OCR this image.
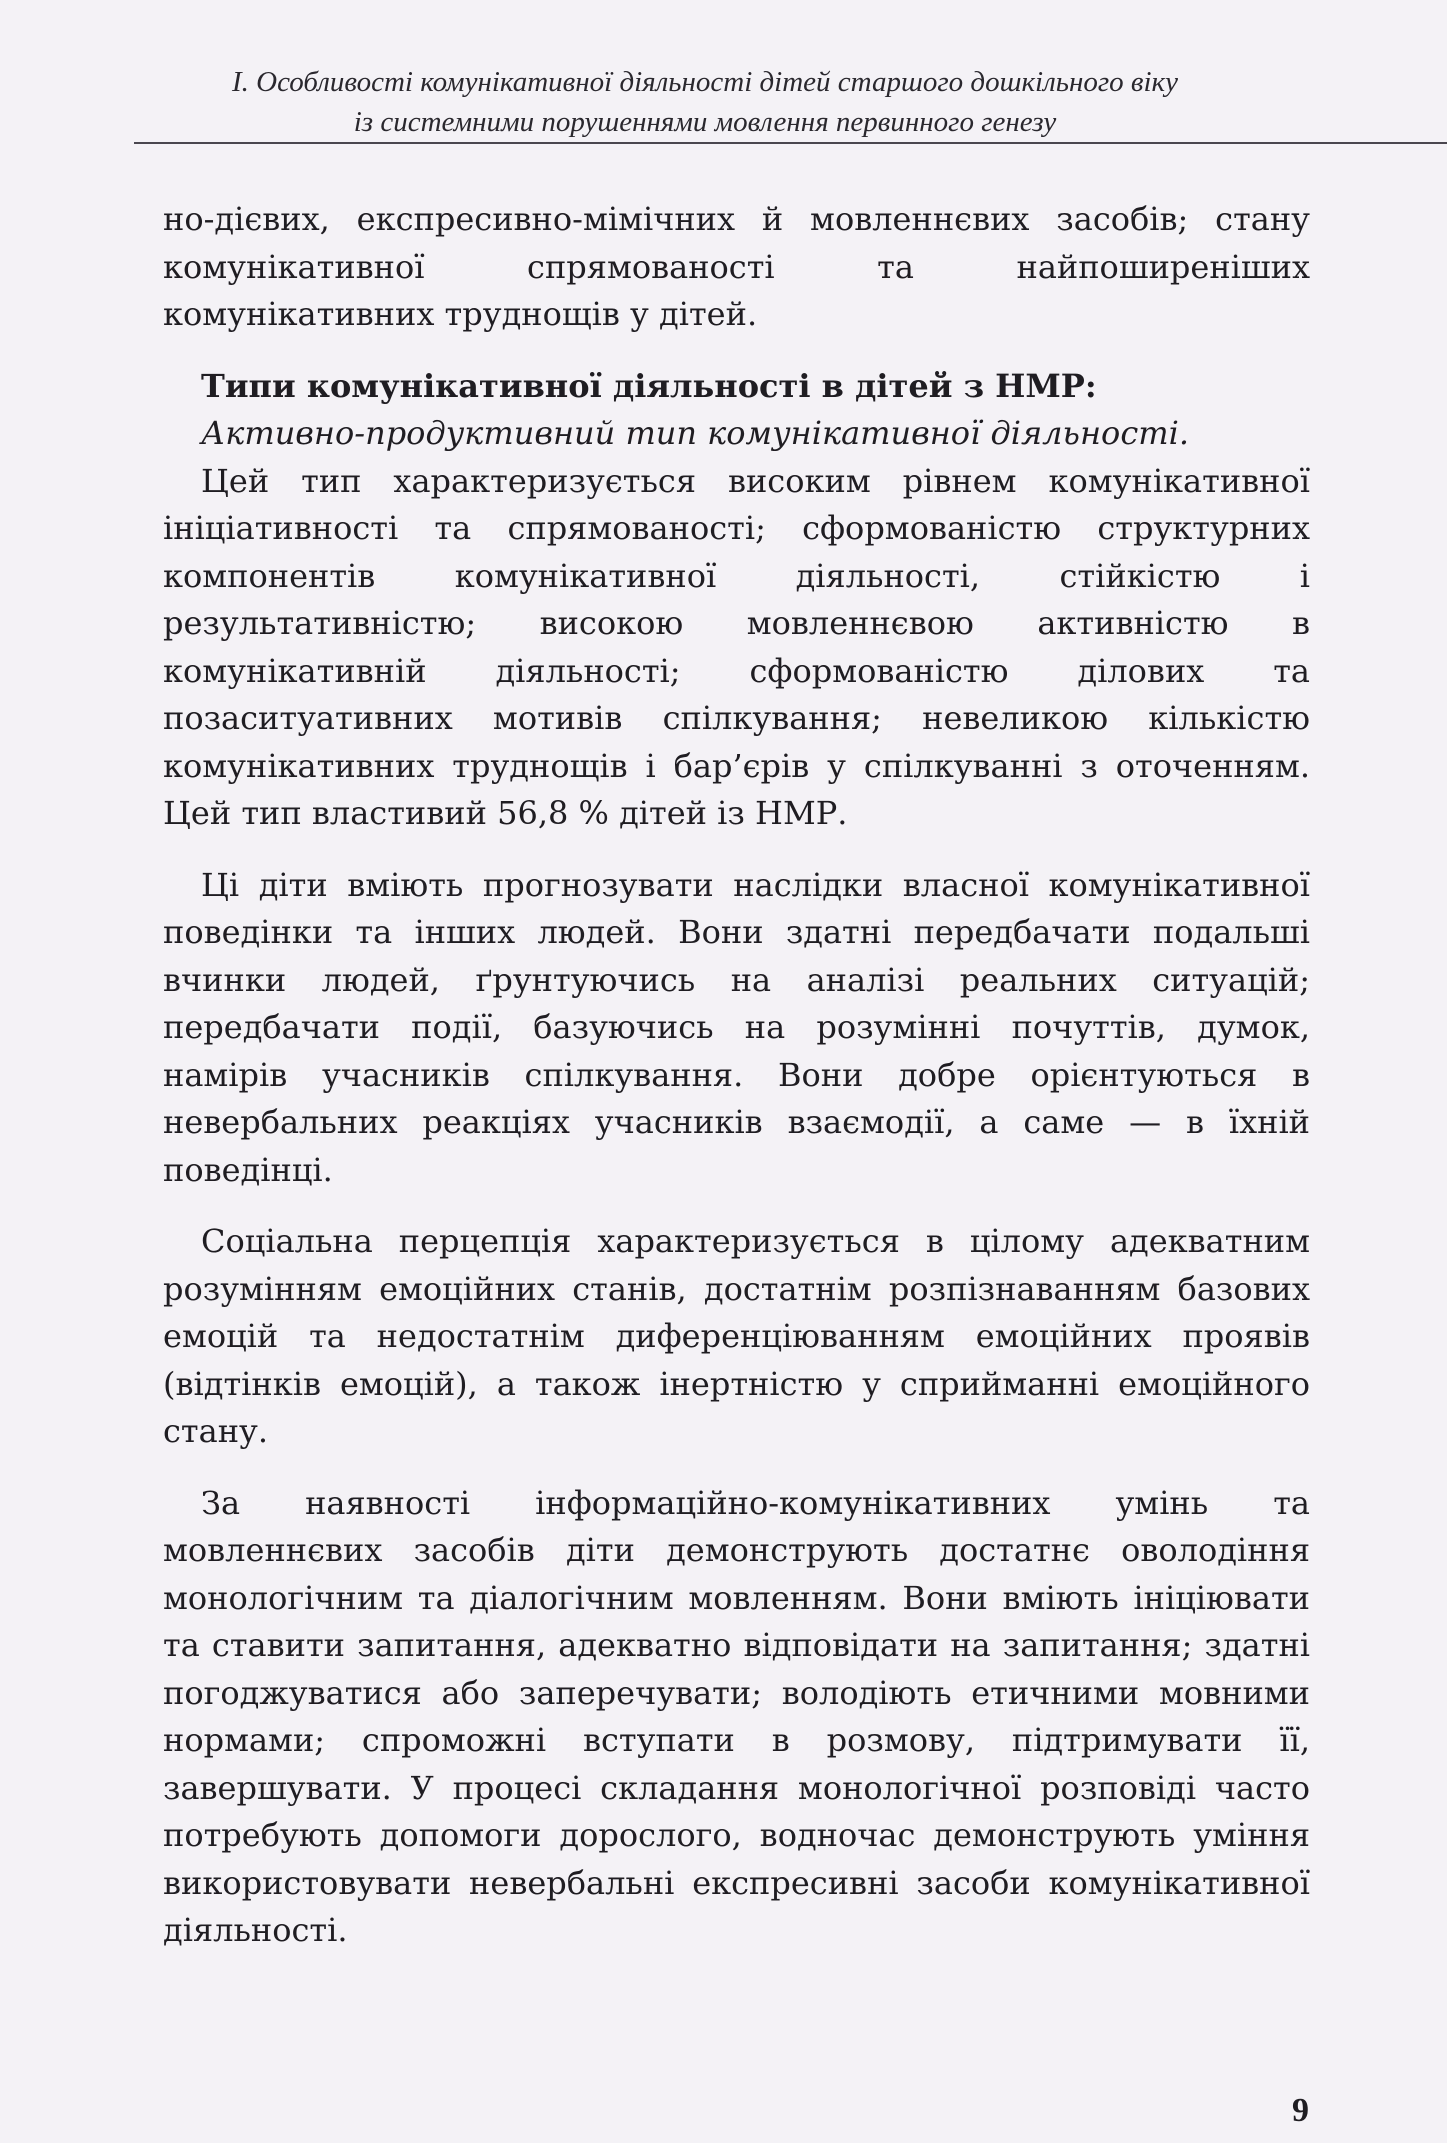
І. Особливості комунікативної діяльності дітей старшого дошкільного віку
із системними порушеннями мовлення первинного генезу

но-дієвих, експресивно-мімічних й мовленнєвих засобів; стану комунікативної спрямованості та найпоширеніших комунікативних труднощів у дітей.

Типи комунікативної діяльності в дітей з НМР:

Активно-продуктивний тип комунікативної діяльності.

Цей тип характеризується високим рівнем комунікативної ініціативності та спрямованості; сформованістю структурних компонентів комунікативної діяльності, стійкістю і результативністю; високою мовленнєвою активністю в комунікативній діяльності; сформованістю ділових та позаситуативних мотивів спілкування; невеликою кількістю комунікативних труднощів і бар’єрів у спілкуванні з оточенням. Цей тип властивий 56,8 % дітей із НМР.

Ці діти вміють прогнозувати наслідки власної комунікативної поведінки та інших людей. Вони здатні передбачати подальші вчинки людей, ґрунтуючись на аналізі реальних ситуацій; передбачати події, базуючись на розумінні почуттів, думок, намірів учасників спілкування. Вони добре орієнтуються в невербальних реакціях учасників взаємодії, а саме — в їхній поведінці.

Соціальна перцепція характеризується в цілому адекватним розумінням емоційних станів, достатнім розпізнаванням базових емоцій та недостатнім диференціюванням емоційних проявів (відтінків емоцій), а також інертністю у сприйманні емоційного стану.

За наявності інформаційно-комунікативних умінь та мовленнєвих засобів діти демонструють достатнє оволодіння монологічним та діалогічним мовленням. Вони вміють ініціювати та ставити запитання, адекватно відповідати на запитання; здатні погоджуватися або заперечувати; володіють етичними мовними нормами; спроможні вступати в розмову, підтримувати її, завершувати. У процесі складання монологічної розповіді часто потребують допомоги дорослого, водночас демонструють уміння використовувати невербальні експресивні засоби комунікативної діяльності.

9
